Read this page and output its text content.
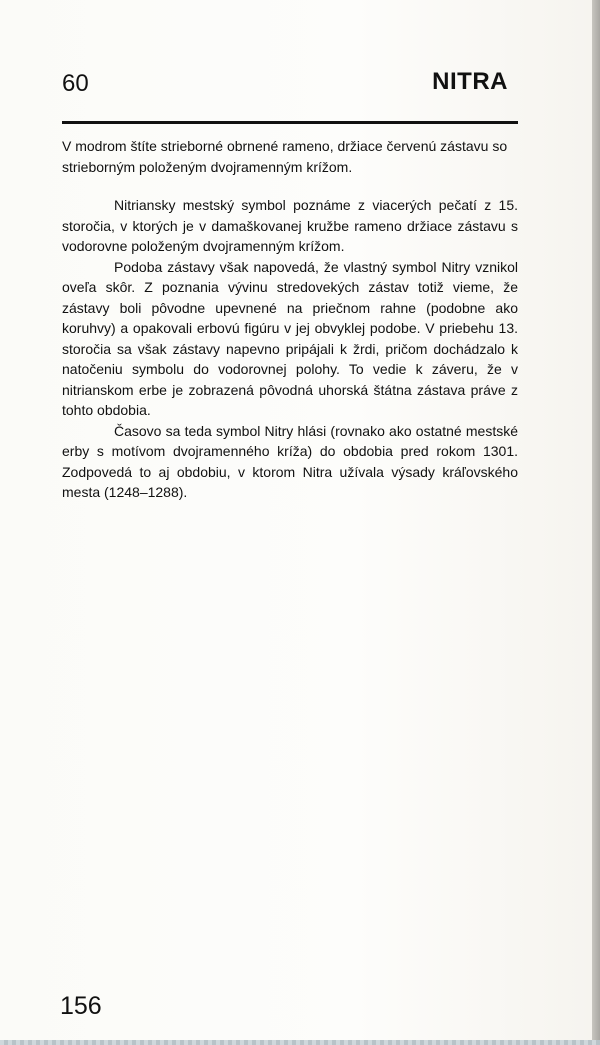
60	NITRA

V modrom štíte strieborné obrnené rameno, držiace červenú zástavu so strieborným položeným dvojramenným krížom.

Nitriansky mestský symbol poznáme z viacerých pečatí z 15. storočia, v ktorých je v damaškovanej kružbe rameno držiace zástavu s vodorovne položeným dvojramenným krížom.

Podoba zástavy však napovedá, že vlastný symbol Nitry vznikol oveľa skôr. Z poznania vývinu stredovekých zástav totiž vieme, že zástavy boli pôvodne upevnené na priečnom rahne (podobne ako koruhvy) a opakovali erbovú figúru v jej obvyklej podobe. V priebehu 13. storočia sa však zástavy napevno pripájali k žrdi, pričom dochádzalo k natočeniu symbolu do vodorovnej polohy. To vedie k záveru, že v nitrianskom erbe je zobrazená pôvodná uhorská štátna zástava práve z tohto obdobia.

Časovo sa teda symbol Nitry hlási (rovnako ako ostatné mestské erby s motívom dvojramenného kríža) do obdobia pred rokom 1301. Zodpovedá to aj obdobiu, v ktorom Nitra užívala výsady kráľovského mesta (1248–1288).

156
